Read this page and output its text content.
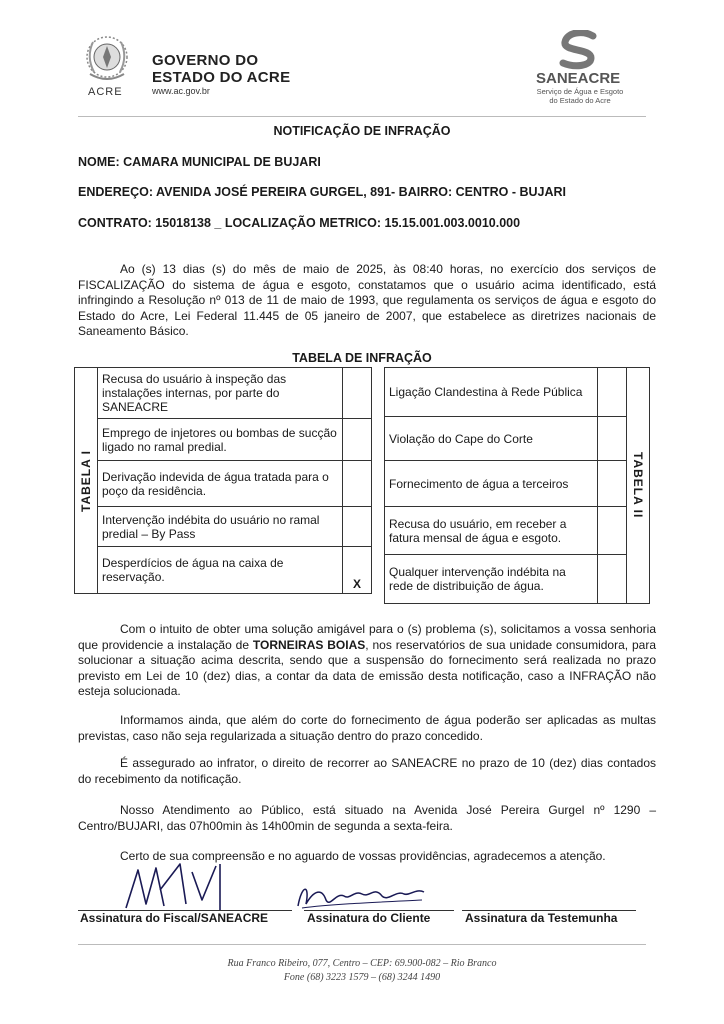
ACRE
GOVERNO DO
ESTADO DO ACRE
www.ac.gov.br
SANEACRE
Serviço de Água e Esgoto
do Estado do Acre
NOTIFICAÇÃO DE INFRAÇÃO
NOME: CAMARA MUNICIPAL DE BUJARI
ENDEREÇO: AVENIDA JOSÉ PEREIRA GURGEL, 891- BAIRRO: CENTRO - BUJARI
CONTRATO: 15018138 _ LOCALIZAÇÃO METRICO: 15.15.001.003.0010.000
Ao (s) 13 dias (s) do mês de maio de 2025, às 08:40 horas, no exercício dos serviços de FISCALIZAÇÃO do sistema de água e esgoto, constatamos que o usuário acima identificado, está infringindo a Resolução nº 013 de 11 de maio de 1993, que regulamenta os serviços de água e esgoto do Estado do Acre, Lei Federal 11.445 de 05 janeiro de 2007, que estabelece as diretrizes nacionais de Saneamento Básico.
TABELA DE INFRAÇÃO
TABELA I	Recusa do usuário à inspeção das instalações internas, por parte do SANEACRE	
	Emprego de injetores ou bombas de sucção ligado no ramal predial.	
	Derivação indevida de água tratada para o poço da residência.	
	Intervenção indébita do usuário no ramal predial – By Pass	
	Desperdícios de água na caixa de reservação.	X
Ligação Clandestina à Rede Pública		TABELA II

Violação do Cape do Corte		
Fornecimento de água a terceiros		
Recusa do usuário, em receber a fatura mensal de água e esgoto.		
Qualquer intervenção indébita na rede de distribuição de água.		
Com o intuito de obter uma solução amigável para o (s) problema (s), solicitamos a vossa senhoria que providencie a instalação de TORNEIRAS BOIAS, nos reservatórios de sua unidade consumidora, para solucionar a situação acima descrita, sendo que a suspensão do fornecimento será realizada no prazo previsto em Lei de 10 (dez) dias, a contar da data de emissão desta notificação, caso a INFRAÇÃO não esteja solucionada.
Informamos ainda, que além do corte do fornecimento de água poderão ser aplicadas as multas previstas, caso não seja regularizada a situação dentro do prazo concedido.
É assegurado ao infrator, o direito de recorrer ao SANEACRE no prazo de 10 (dez) dias contados do recebimento da notificação.
Nosso Atendimento ao Público, está situado na Avenida José Pereira Gurgel nº 1290 – Centro/BUJARI, das 07h00min às 14h00min de segunda a sexta-feira.
Certo de sua compreensão e no aguardo de vossas providências, agradecemos a atenção.
Assinatura do Fiscal/SANEACRE	Assinatura do Cliente	Assinatura da Testemunha
Rua Franco Ribeiro, 077, Centro – CEP: 69.900-082 – Rio Branco
Fone (68) 3223 1579 – (68) 3244 1490
